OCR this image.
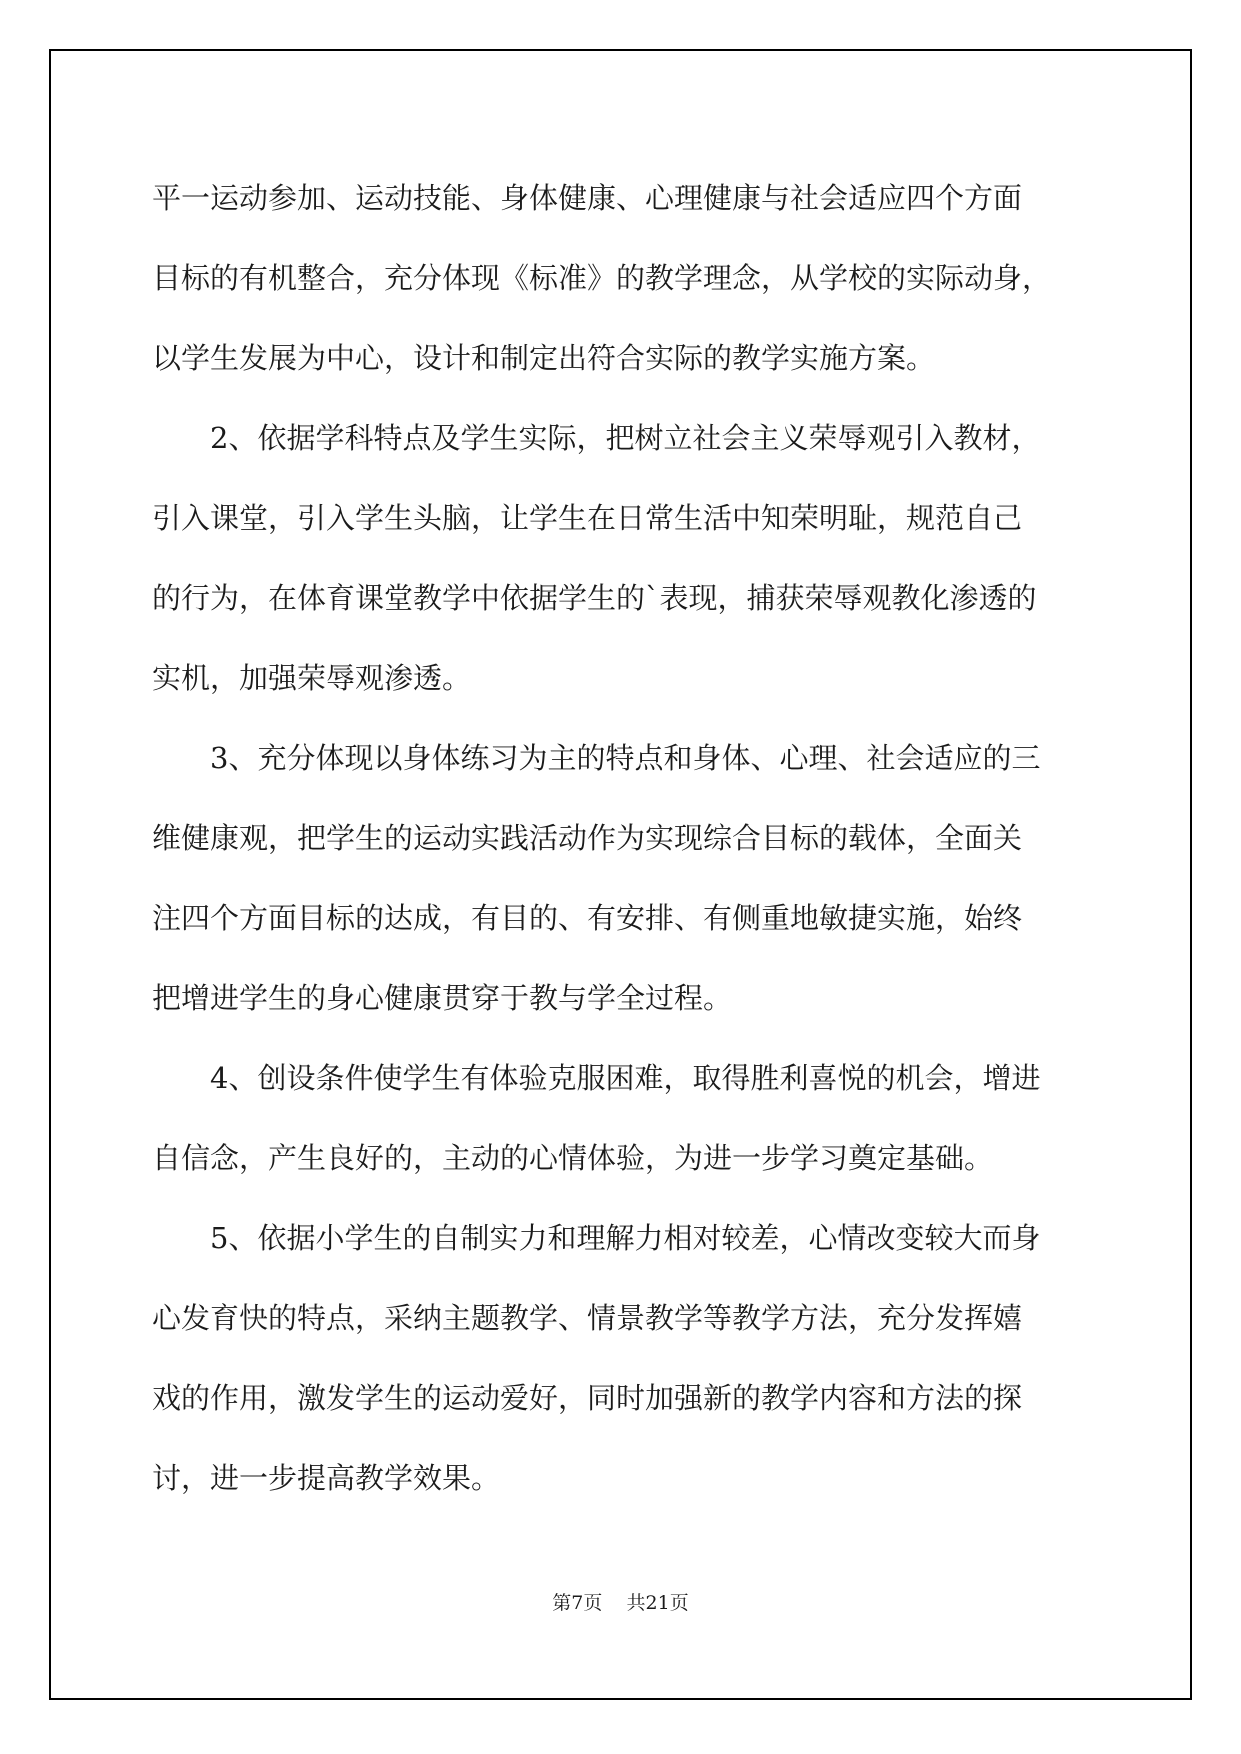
平一运动参加、运动技能、身体健康、心理健康与社会适应四个方面

目标的有机整合，充分体现《标准》的教学理念，从学校的实际动身，

以学生发展为中心，设计和制定出符合实际的教学实施方案。

2、依据学科特点及学生实际，把树立社会主义荣辱观引入教材，

引入课堂，引入学生头脑，让学生在日常生活中知荣明耻，规范自己

的行为，在体育课堂教学中依据学生的`表现，捕获荣辱观教化渗透的

实机，加强荣辱观渗透。

3、充分体现以身体练习为主的特点和身体、心理、社会适应的三

维健康观，把学生的运动实践活动作为实现综合目标的载体，全面关

注四个方面目标的达成，有目的、有安排、有侧重地敏捷实施，始终

把增进学生的身心健康贯穿于教与学全过程。

4、创设条件使学生有体验克服困难，取得胜利喜悦的机会，增进

自信念，产生良好的，主动的心情体验，为进一步学习奠定基础。

5、依据小学生的自制实力和理解力相对较差，心情改变较大而身

心发育快的特点，采纳主题教学、情景教学等教学方法，充分发挥嬉

戏的作用，激发学生的运动爱好，同时加强新的教学内容和方法的探

讨，进一步提高教学效果。

第7页    共21页
